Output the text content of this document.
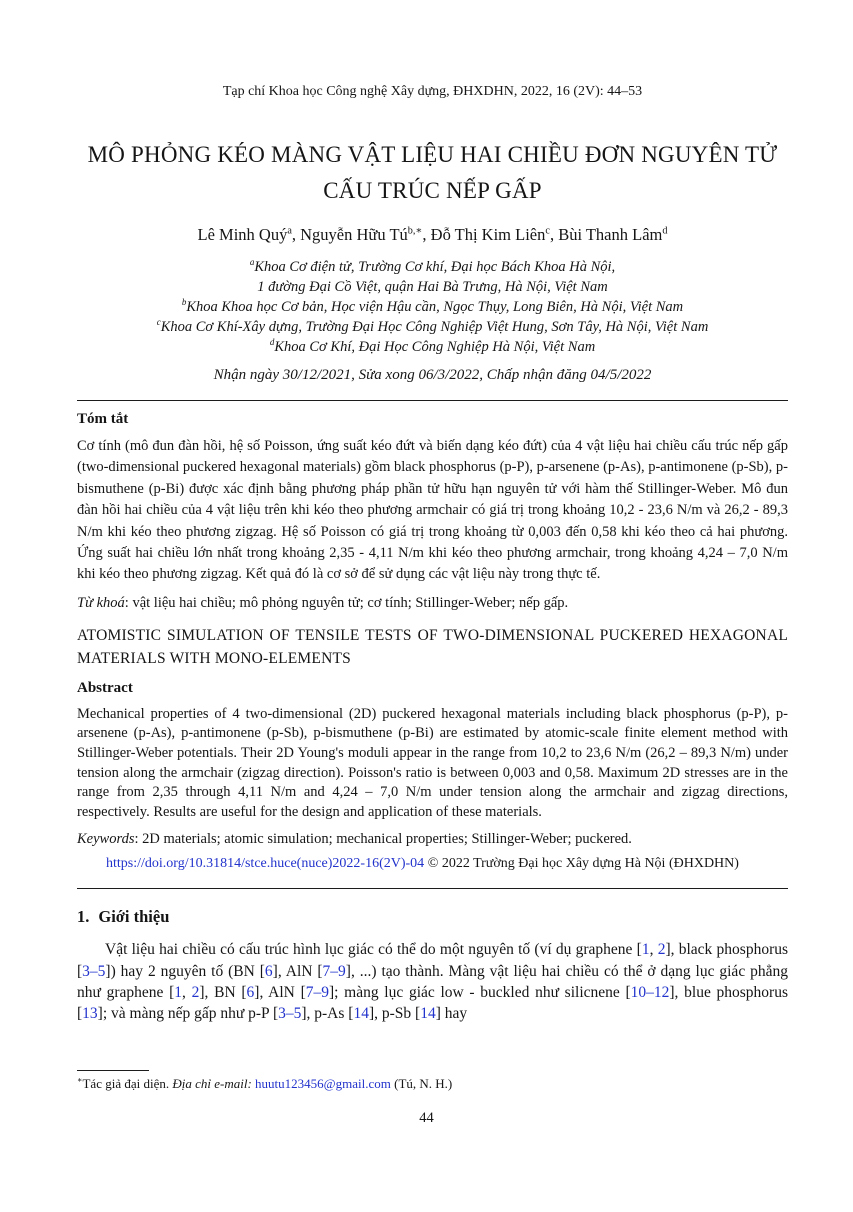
Tạp chí Khoa học Công nghệ Xây dựng, ĐHXDHN, 2022, 16 (2V): 44–53
MÔ PHỎNG KÉO MÀNG VẬT LIỆU HAI CHIỀU ĐƠN NGUYÊN TỬ
CẤU TRÚC NẾP GẤP
Lê Minh Quý$^a$, Nguyễn Hữu $Tú^{b,∗}$, Đỗ Thị Kim Liên$^c$, Bùi Thanh Lâm$^d$
$^a$Khoa Cơ điện tử, Trường Cơ khí, Đại học Bách Khoa Hà Nội,
1 đường Đại Cồ Việt, quận Hai Bà Trưng, Hà Nội, Việt Nam
$^b$Khoa Khoa học Cơ bản, Học viện Hậu cần, Ngọc Thụy, Long Biên, Hà Nội, Việt Nam
$^c$Khoa Cơ Khí-Xây dựng, Trường Đại Học Công Nghiệp Việt Hung, Sơn Tây, Hà Nội, Việt Nam
$^d$Khoa Cơ Khí, Đại Học Công Nghiệp Hà Nội, Việt Nam
Nhận ngày 30/12/2021, Sửa xong 06/3/2022, Chấp nhận đăng 04/5/2022
Tóm tắt

Cơ tính (mô đun đàn hồi, hệ số Poisson, ứng suất kéo đứt và biến dạng kéo đứt) của 4 vật liệu hai chiều cấu trúc nếp gấp (two-dimensional puckered hexagonal materials) gồm black phosphorus (p-P), p-arsenene (p-As), p-antimonene (p-Sb), p-bismuthene (p-Bi) được xác định bằng phương pháp phần tử hữu hạn nguyên tử với hàm thế Stillinger-Weber. Mô đun đàn hồi hai chiều của 4 vật liệu trên khi kéo theo phương armchair có giá trị trong khoảng 10,2 - 23,6 N/m và 26,2 - 89,3 N/m khi kéo theo phương zigzag. Hệ số Poisson có giá trị trong khoảng từ 0,003 đến 0,58 khi kéo theo cả hai phương. Ứng suất hai chiều lớn nhất trong khoảng 2,35 - 4,11 N/m khi kéo theo phương armchair, trong khoảng 4,24 – 7,0 N/m khi kéo theo phương zigzag. Kết quả đó là cơ sở để sử dụng các vật liệu này trong thực tế.

Từ khoá: vật liệu hai chiều; mô phỏng nguyên tử; cơ tính; Stillinger-Weber; nếp gấp.

ATOMISTIC SIMULATION OF TENSILE TESTS OF TWO-DIMENSIONAL PUCKERED HEXAGONAL MATERIALS WITH MONO-ELEMENTS
Abstract

Mechanical properties of 4 two-dimensional (2D) puckered hexagonal materials including black phosphorus (p-P), p-arsenene (p-As), p-antimonene (p-Sb), p-bismuthene (p-Bi) are estimated by atomic-scale finite element method with Stillinger-Weber potentials. Their 2D Young's moduli appear in the range from 10,2 to 23,6 N/m (26,2 – 89,3 N/m) under tension along the armchair (zigzag direction). Poisson's ratio is between 0,003 and 0,58. Maximum 2D stresses are in the range from 2,35 through 4,11 N/m and 4,24 – 7,0 N/m under tension along the armchair and zigzag directions, respectively. Results are useful for the design and application of these materials.

Keywords: 2D materials; atomic simulation; mechanical properties; Stillinger-Weber; puckered.

https://doi.org/10.31814/stce.huce(nuce)2022-16(2V)-04 © 2022 Trường Đại học Xây dựng Hà Nội (ĐHXDHN)
1. Giới thiệu

Vật liệu hai chiều có cấu trúc hình lục giác có thể do một nguyên tố (ví dụ graphene [1, 2], black phosphorus [3–5]) hay 2 nguyên tố (BN [6], AlN [7–9], ...) tạo thành. Màng vật liệu hai chiều có thể ở dạng lục giác phẳng như graphene [1, 2], BN [6], AlN [7–9]; màng lục giác low - buckled như silicnene [10–12], blue phosphorus [13]; và màng nếp gấp như p-P [3–5], p-As [14], p-Sb [14] hay

∗Tác giả đại diện. Địa chỉ e-mail: huutu123456@gmail.com (Tú, N. H.)
44
